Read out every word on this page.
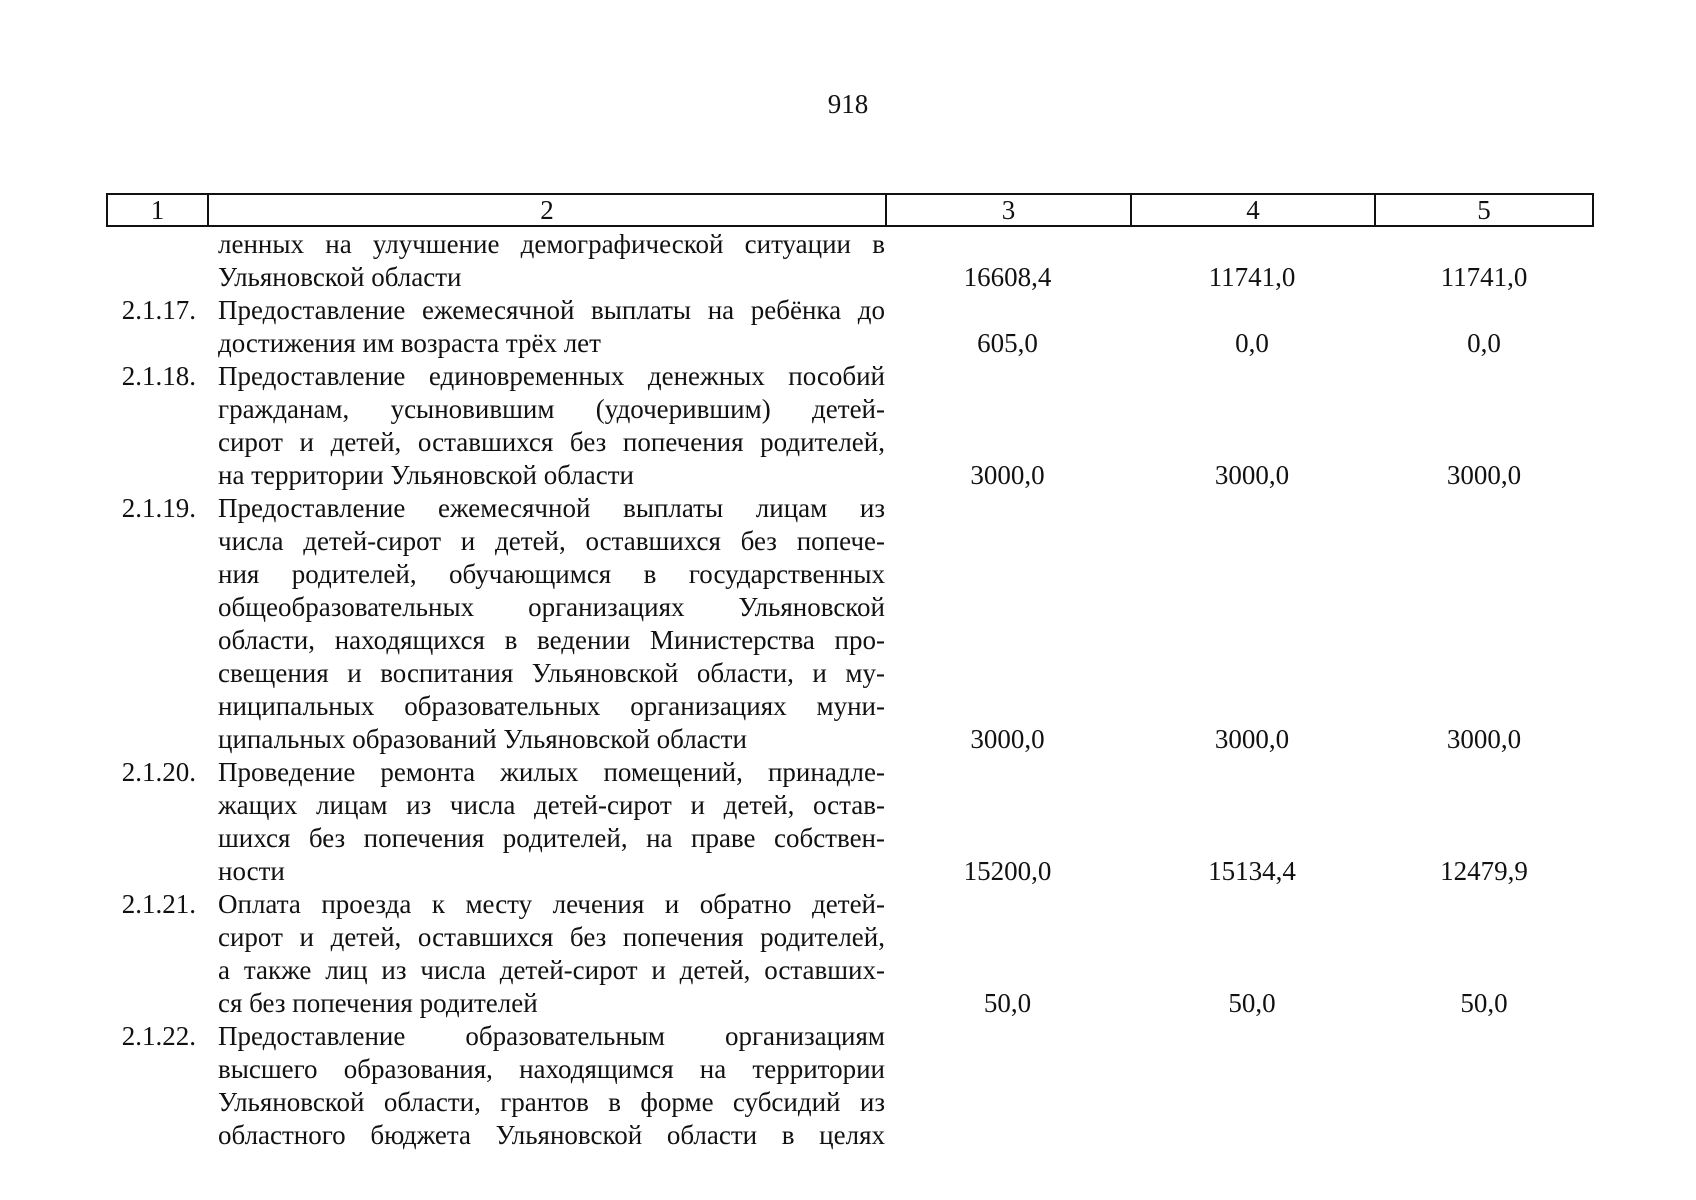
918
1	2	3	4	5
ленных на улучшение демографической ситуации в
Ульяновской области	16608,4	11741,0	11741,0
2.1.17. Предоставление ежемесячной выплаты на ребёнка до
достижения им возраста трёх лет	605,0	0,0	0,0
2.1.18. Предоставление единовременных денежных пособий
гражданам, усыновившим (удочерившим) детей-
сирот и детей, оставшихся без попечения родителей,
на территории Ульяновской области	3000,0	3000,0	3000,0
2.1.19. Предоставление ежемесячной выплаты лицам из
числа детей-сирот и детей, оставшихся без попече-
ния родителей, обучающимся в государственных
общеобразовательных организациях Ульяновской
области, находящихся в ведении Министерства про-
свещения и воспитания Ульяновской области, и му-
ниципальных образовательных организациях муни-
ципальных образований Ульяновской области	3000,0	3000,0	3000,0
2.1.20. Проведение ремонта жилых помещений, принадле-
жащих лицам из числа детей-сирот и детей, остав-
шихся без попечения родителей, на праве собствен-
ности	15200,0	15134,4	12479,9
2.1.21. Оплата проезда к месту лечения и обратно детей-
сирот и детей, оставшихся без попечения родителей,
а также лиц из числа детей-сирот и детей, оставших-
ся без попечения родителей	50,0	50,0	50,0
2.1.22. Предоставление образовательным организациям
высшего образования, находящимся на территории
Ульяновской области, грантов в форме субсидий из
областного бюджета Ульяновской области в целях
